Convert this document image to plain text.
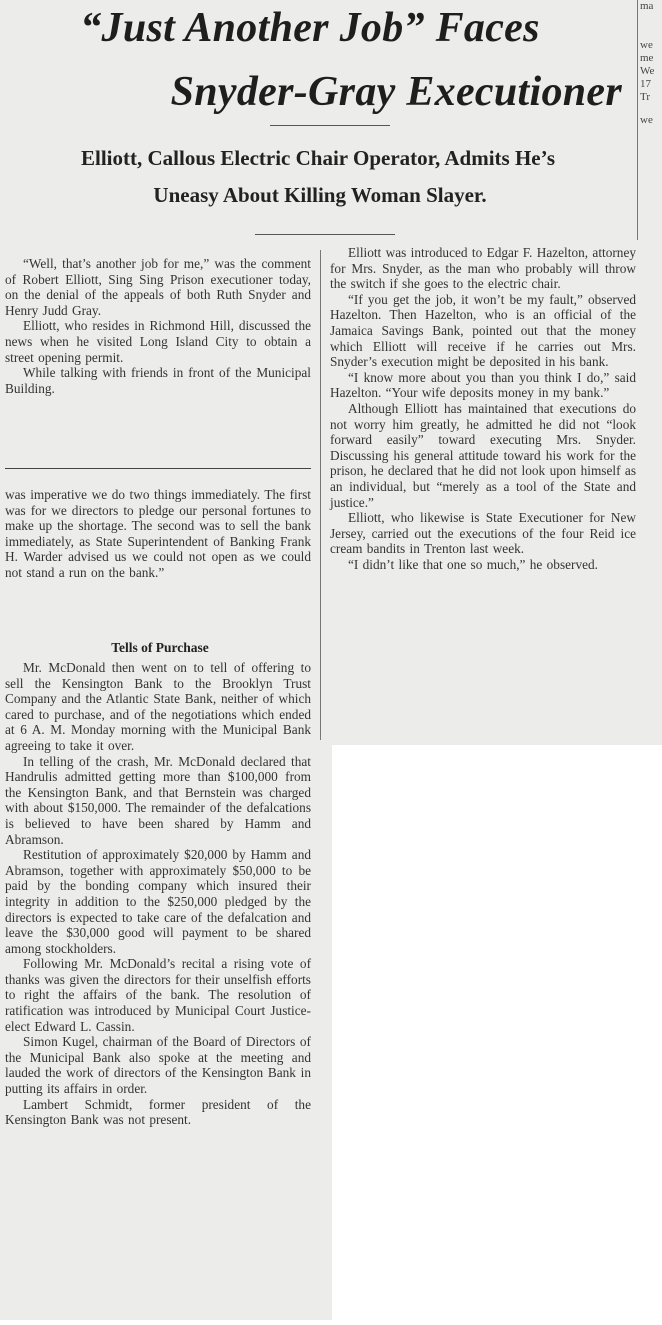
“Just Another Job” Faces
Snyder-Gray Executioner
Elliott, Callous Electric Chair Operator, Admits He’s
Uneasy About Killing Woman Slayer.

“Well, that’s another job for me,” was the comment of Robert Elliott, Sing Sing Prison executioner today, on the denial of the appeals of both Ruth Snyder and Henry Judd Gray.

Elliott, who resides in Richmond Hill, discussed the news when he visited Long Island City to obtain a street opening permit.

While talking with friends in front of the Municipal Building.

was imperative we do two things immediately. The first was for we directors to pledge our personal fortunes to make up the shortage. The second was to sell the bank immediately, as State Superintendent of Banking Frank H. Warder advised us we could not open as we could not stand a run on the bank.”

Tells of Purchase

Mr. McDonald then went on to tell of offering to sell the Kensington Bank to the Brooklyn Trust Company and the Atlantic State Bank, neither of which cared to purchase, and of the negotiations which ended at 6 A. M. Monday morning with the Municipal Bank agreeing to take it over.

In telling of the crash, Mr. McDonald declared that Handrulis admitted getting more than $100,000 from the Kensington Bank, and that Bernstein was charged with about $150,000. The remainder of the defalcations is believed to have been shared by Hamm and Abramson.

Restitution of approximately $20,000 by Hamm and Abramson, together with approximately $50,000 to be paid by the bonding company which insured their integrity in addition to the $250,000 pledged by the directors is expected to take care of the defalcation and leave the $30,000 good will payment to be shared among stockholders.

Following Mr. McDonald’s recital a rising vote of thanks was given the directors for their unselfish efforts to right the affairs of the bank. The resolution of ratification was introduced by Municipal Court Justice-elect Edward L. Cassin.

Simon Kugel, chairman of the Board of Directors of the Municipal Bank also spoke at the meeting and lauded the work of directors of the Kensington Bank in putting its affairs in order.

Lambert Schmidt, former president of the Kensington Bank was not present.

Elliott was introduced to Edgar F. Hazelton, attorney for Mrs. Snyder, as the man who probably will throw the switch if she goes to the electric chair.

“If you get the job, it won’t be my fault,” observed Hazelton. Then Hazelton, who is an official of the Jamaica Savings Bank, pointed out that the money which Elliott will receive if he carries out Mrs. Snyder’s execution might be deposited in his bank.

“I know more about you than you think I do,” said Hazelton. “Your wife deposits money in my bank.”

Although Elliott has maintained that executions do not worry him greatly, he admitted he did not “look forward easily” toward executing Mrs. Snyder. Discussing his general attitude toward his work for the prison, he declared that he did not look upon himself as an individual, but “merely as a tool of the State and justice.”

Elliott, who likewise is State Executioner for New Jersey, carried out the executions of the four Reid ice cream bandits in Trenton last week.

“I didn’t like that one so much,” he observed.

ma
we
me
We
17
Tr
we
